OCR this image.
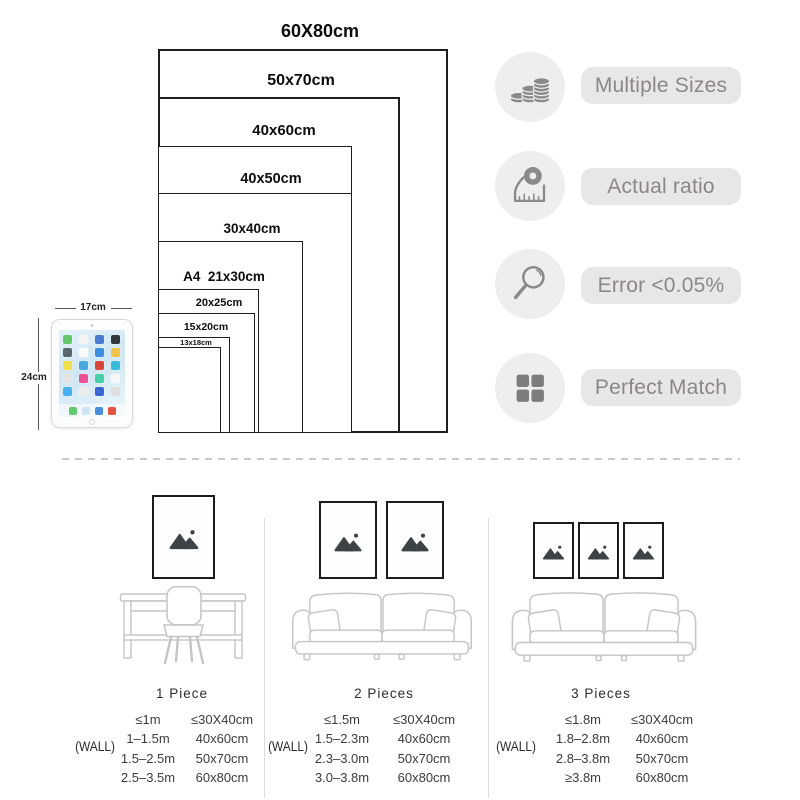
60X80cm
50x70cm
40x60cm
40x50cm
30x40cm
A4  21x30cm
20x25cm
15x20cm
13x18cm
17cm
24cm
Multiple Sizes
Actual ratio
Error <0.05%
Perfect Match
1 Piece	2 Pieces	3 Pieces
(WALL)	(WALL)	(WALL)
≤1m ≤30X40cm
1–1.5m 40x60cm
1.5–2.5m 50x70cm
2.5–3.5m 60x80cm
≤1.5m	≤30X40cm
1.5–2.3m 40x60cm
2.3–3.0m 50x70cm
3.0–3.8m 60x80cm
≤1.8m ≤30X40cm
1.8–2.8m 40x60cm
2.8–3.8m 50x70cm
≥3.8m	60x80cm
